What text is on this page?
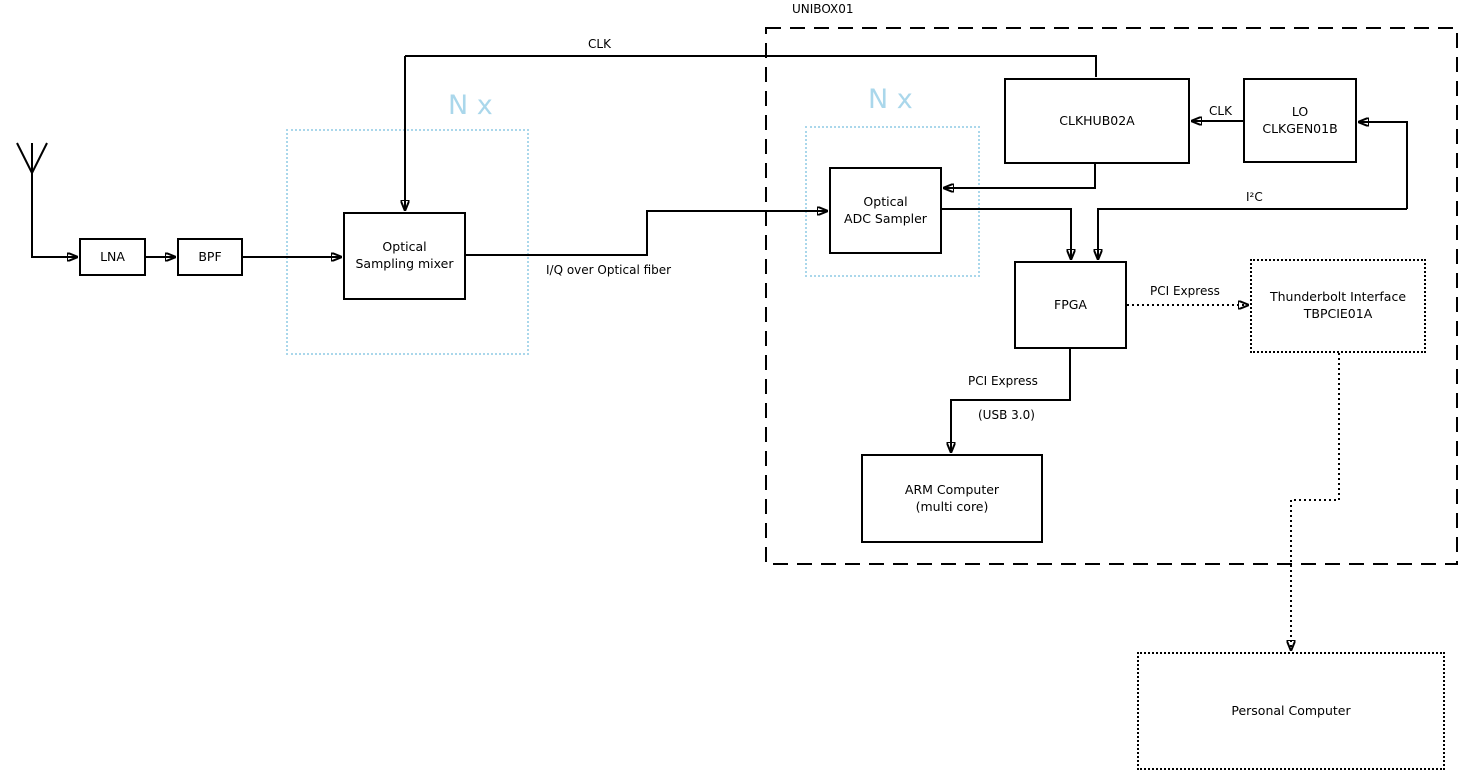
UNIBOX01
N x	N x
LNA	BPF
Optical
Sampling mixer
Optical
ADC Sampler
CLKHUB02A
LO
CLKGEN01B
FPGA	Thunderbolt Interface
TBPCIE01A
ARM Computer
(multi core)
Personal Computer
CLK
I/Q over Optical fiber
CLK
I²C
PCI Express
PCI Express
(USB 3.0)
